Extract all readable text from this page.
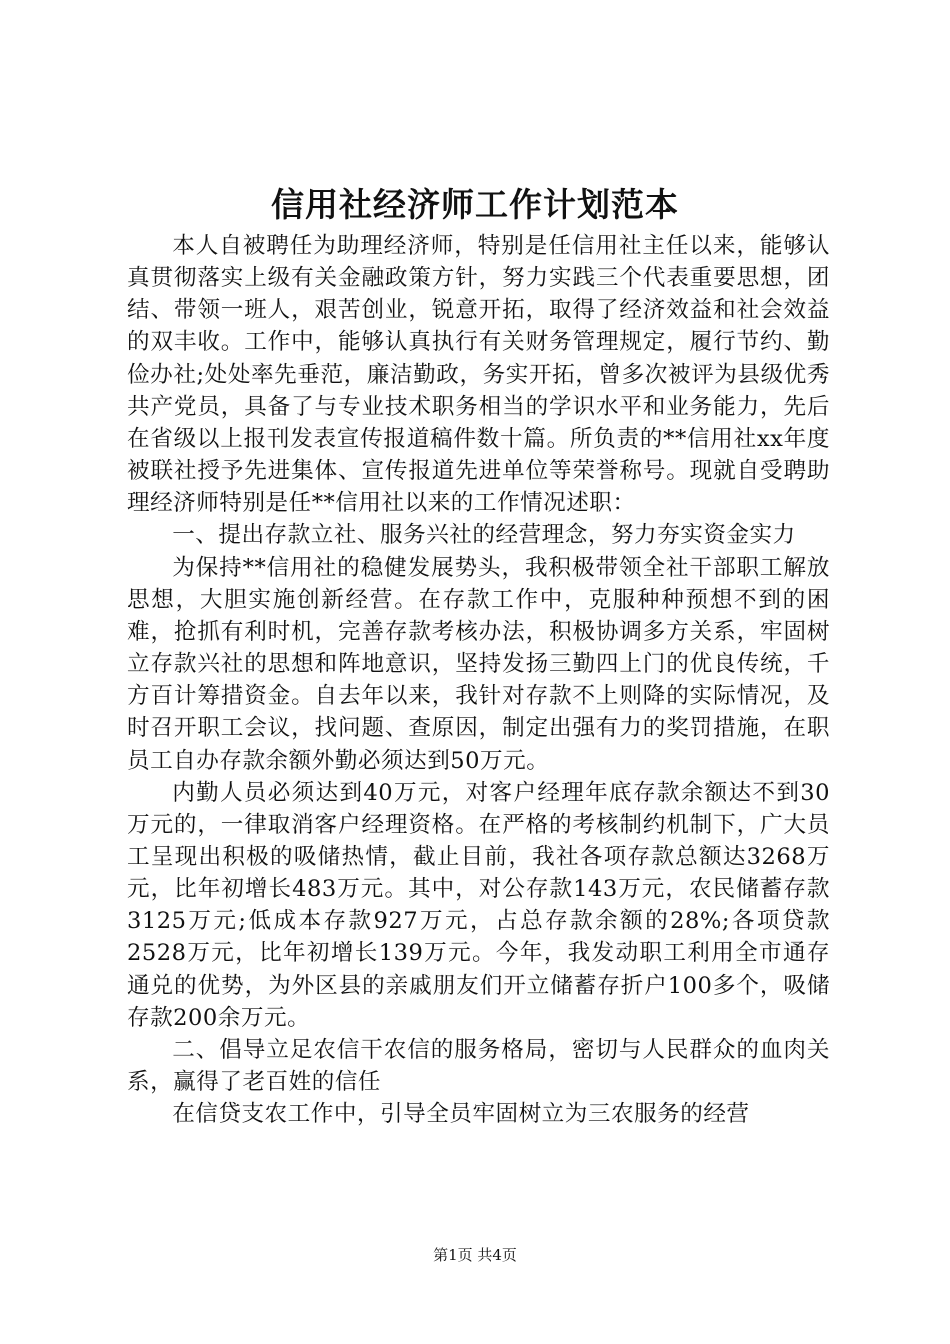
信用社经济师工作计划范本

本人自被聘任为助理经济师，特别是任信用社主任以来，能够认真贯彻落实上级有关金融政策方针，努力实践三个代表重要思想，团结、带领一班人，艰苦创业，锐意开拓，取得了经济效益和社会效益的双丰收。工作中，能够认真执行有关财务管理规定，履行节约、勤俭办社;处处率先垂范，廉洁勤政，务实开拓，曾多次被评为县级优秀共产党员，具备了与专业技术职务相当的学识水平和业务能力，先后在省级以上报刊发表宣传报道稿件数十篇。所负责的**信用社xx年度被联社授予先进集体、宣传报道先进单位等荣誉称号。现就自受聘助理经济师特别是任**信用社以来的工作情况述职：

一、提出存款立社、服务兴社的经营理念，努力夯实资金实力

为保持**信用社的稳健发展势头，我积极带领全社干部职工解放思想，大胆实施创新经营。在存款工作中，克服种种预想不到的困难，抢抓有利时机，完善存款考核办法，积极协调多方关系，牢固树立存款兴社的思想和阵地意识，坚持发扬三勤四上门的优良传统，千方百计筹措资金。自去年以来，我针对存款不上则降的实际情况，及时召开职工会议，找问题、查原因，制定出强有力的奖罚措施，在职员工自办存款余额外勤必须达到50万元。

内勤人员必须达到40万元，对客户经理年底存款余额达不到30万元的，一律取消客户经理资格。在严格的考核制约机制下，广大员工呈现出积极的吸储热情，截止目前，我社各项存款总额达3268万元，比年初增长483万元。其中，对公存款143万元，农民储蓄存款3125万元;低成本存款927万元，占总存款余额的28%;各项贷款2528万元，比年初增长139万元。今年，我发动职工利用全市通存通兑的优势，为外区县的亲戚朋友们开立储蓄存折户100多个，吸储存款200余万元。

二、倡导立足农信干农信的服务格局，密切与人民群众的血肉关系，赢得了老百姓的信任

在信贷支农工作中，引导全员牢固树立为三农服务的经营

第1页 共4页
